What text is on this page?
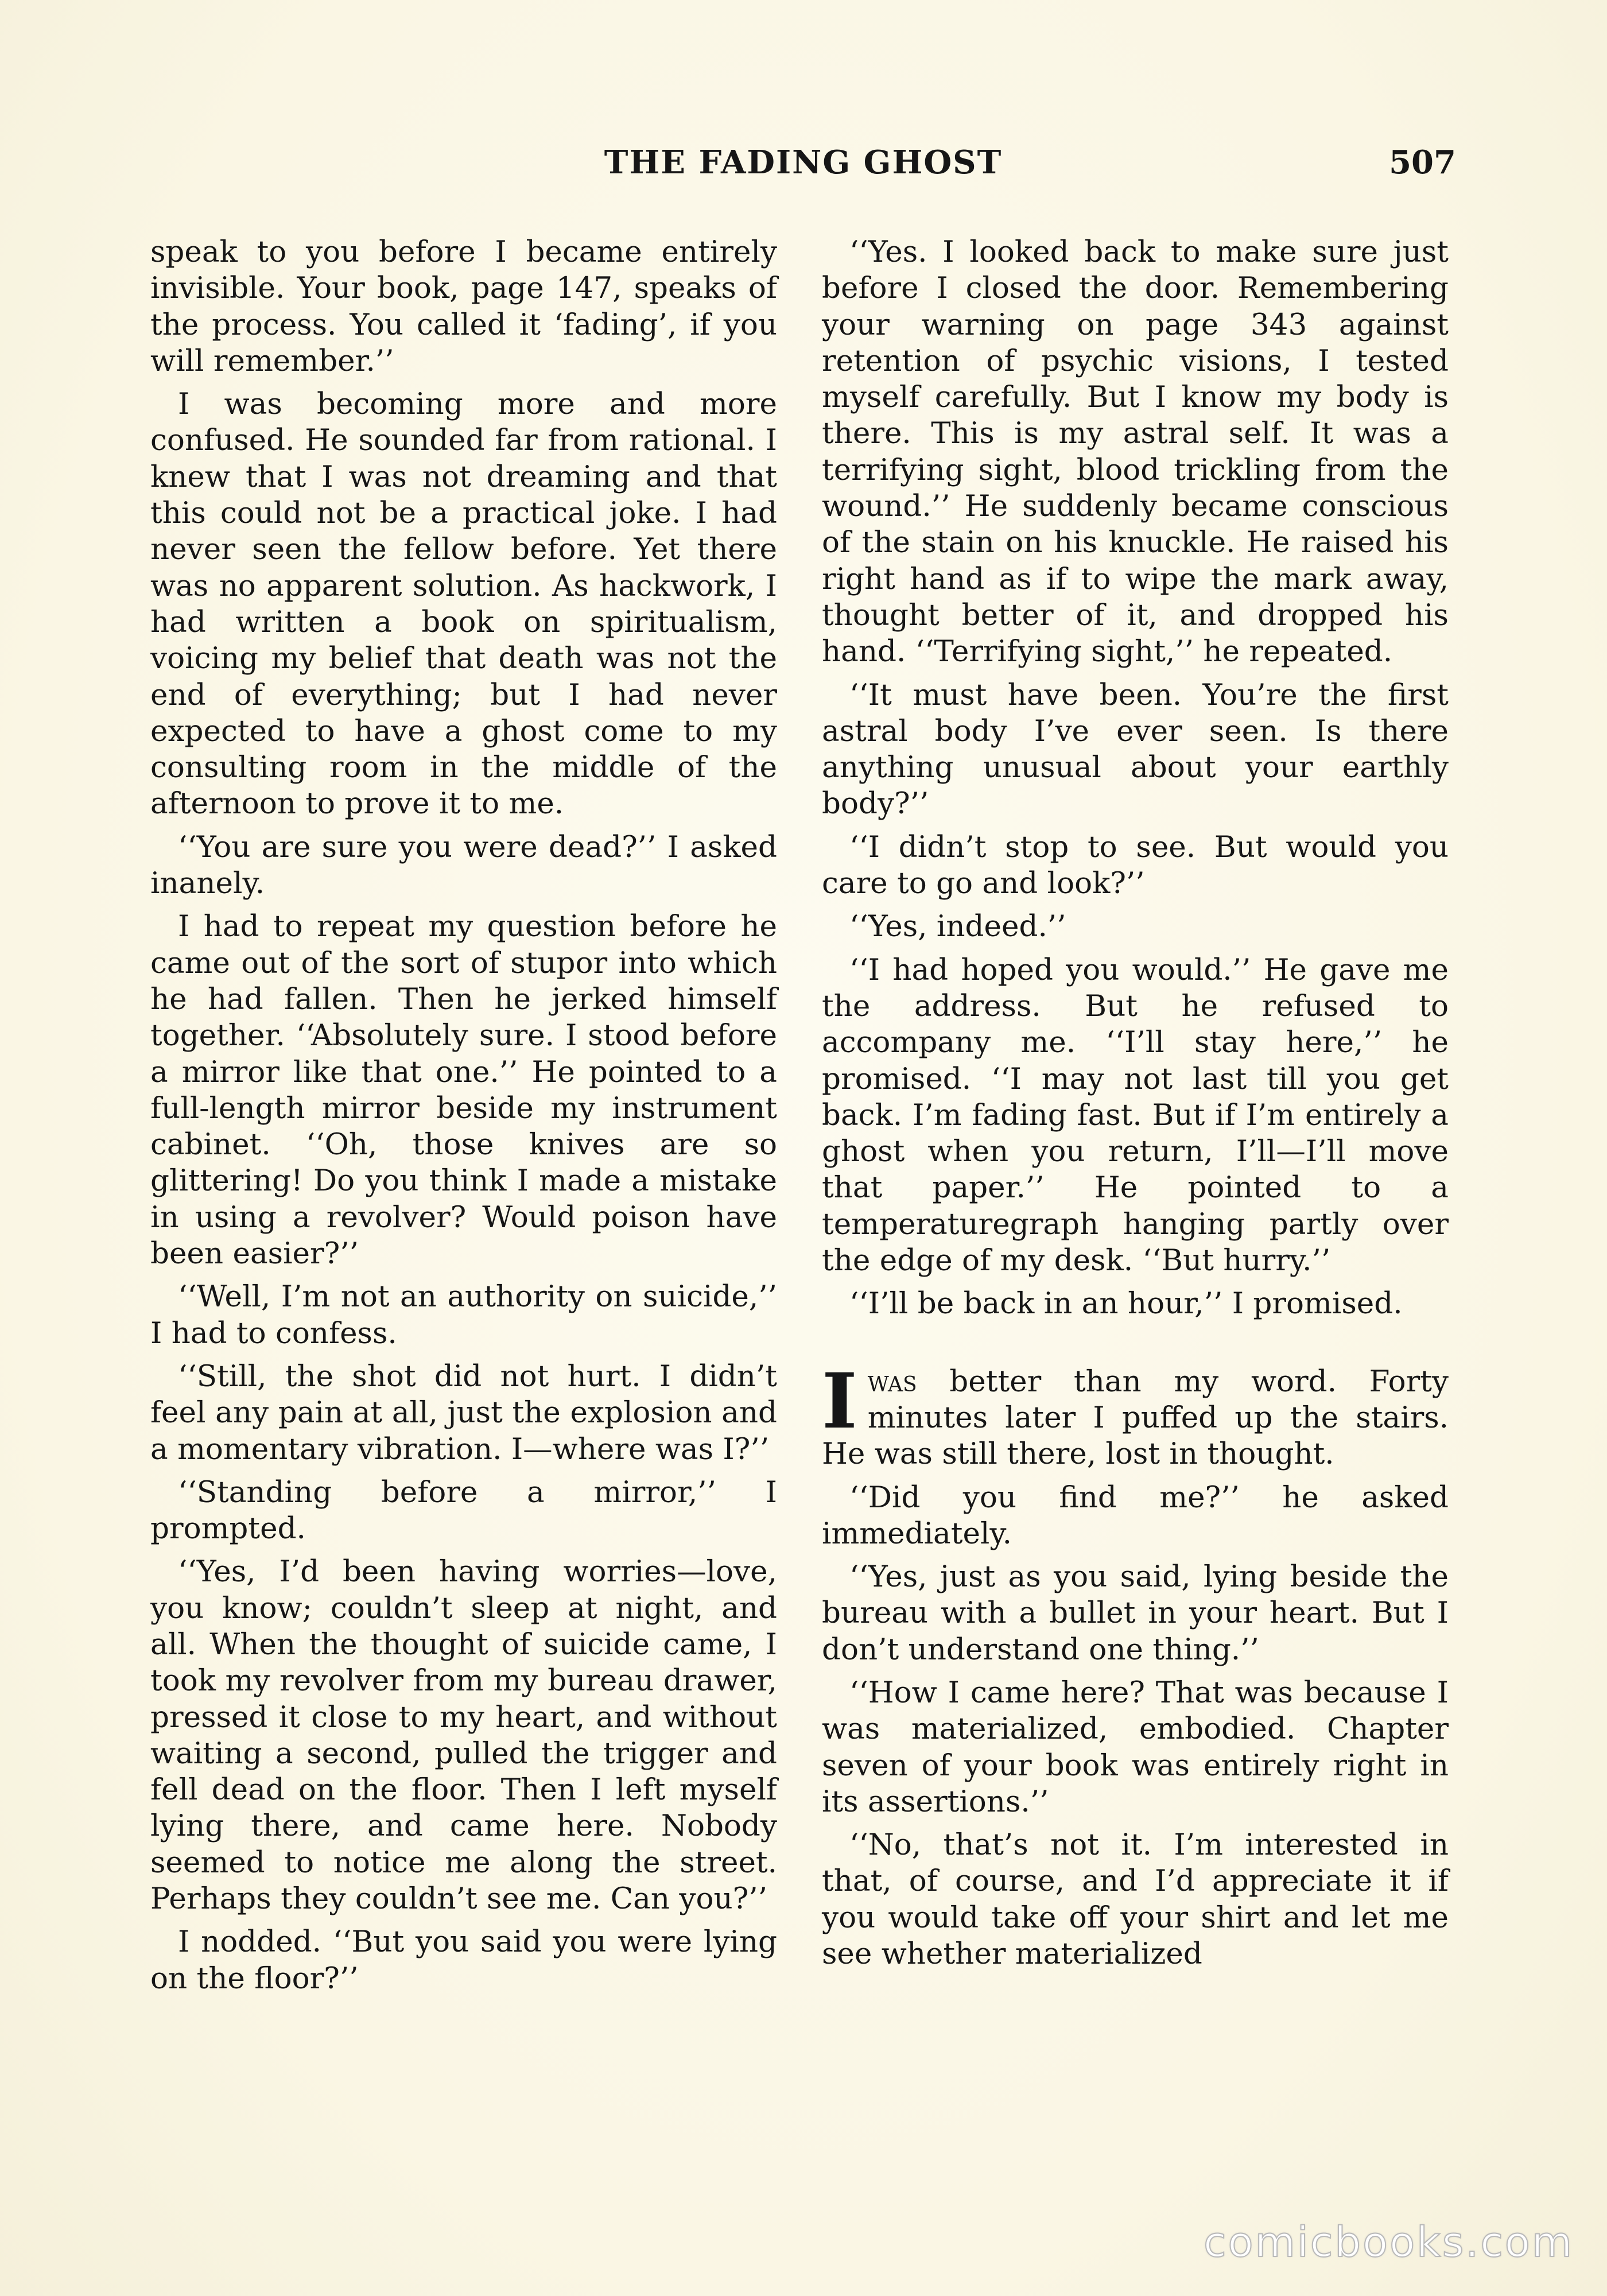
THE FADING GHOST	507

speak to you before I became entirely invisible. Your book, page 147, speaks of the process. You called it ‘fading’, if you will remember.’’

I was becoming more and more confused. He sounded far from rational. I knew that I was not dreaming and that this could not be a practical joke. I had never seen the fellow before. Yet there was no apparent solution. As hackwork, I had written a book on spiritualism, voicing my belief that death was not the end of everything; but I had never expected to have a ghost come to my consulting room in the middle of the afternoon to prove it to me.

‘‘You are sure you were dead?’’ I asked inanely.

I had to repeat my question before he came out of the sort of stupor into which he had fallen. Then he jerked himself together. ‘‘Absolutely sure. I stood before a mirror like that one.’’ He pointed to a full-length mirror beside my instrument cabinet. ‘‘Oh, those knives are so glittering! Do you think I made a mistake in using a revolver? Would poison have been easier?’’

‘‘Well, I’m not an authority on suicide,’’ I had to confess.

‘‘Still, the shot did not hurt. I didn’t feel any pain at all, just the explosion and a momentary vibration. I—where was I?’’

‘‘Standing before a mirror,’’ I prompted.

‘‘Yes, I’d been having worries—love, you know; couldn’t sleep at night, and all. When the thought of suicide came, I took my revolver from my bureau drawer, pressed it close to my heart, and without waiting a second, pulled the trigger and fell dead on the floor. Then I left myself lying there, and came here. Nobody seemed to notice me along the street. Perhaps they couldn’t see me. Can you?’’

I nodded. ‘‘But you said you were lying on the floor?’’

‘‘Yes. I looked back to make sure just before I closed the door. Remembering your warning on page 343 against retention of psychic visions, I tested myself carefully. But I know my body is there. This is my astral self. It was a terrifying sight, blood trickling from the wound.’’ He suddenly became conscious of the stain on his knuckle. He raised his right hand as if to wipe the mark away, thought better of it, and dropped his hand. ‘‘Terrifying sight,’’ he repeated.

‘‘It must have been. You’re the first astral body I’ve ever seen. Is there anything unusual about your earthly body?’’

‘‘I didn’t stop to see. But would you care to go and look?’’

‘‘Yes, indeed.’’

‘‘I had hoped you would.’’ He gave me the address. But he refused to accompany me. ‘‘I’ll stay here,’’ he promised. ‘‘I may not last till you get back. I’m fading fast. But if I’m entirely a ghost when you return, I’ll—I’ll move that paper.’’ He pointed to a temperaturegraph hanging partly over the edge of my desk. ‘‘But hurry.’’

‘‘I’ll be back in an hour,’’ I promised.

Iwas better than my word. Forty minutes later I puffed up the stairs. He was still there, lost in thought.

‘‘Did you find me?’’ he asked immediately.

‘‘Yes, just as you said, lying beside the bureau with a bullet in your heart. But I don’t understand one thing.’’

‘‘How I came here? That was because I was materialized, embodied. Chapter seven of your book was entirely right in its assertions.’’

‘‘No, that’s not it. I’m interested in that, of course, and I’d appreciate it if you would take off your shirt and let me see whether materialized

comicbooks.com
